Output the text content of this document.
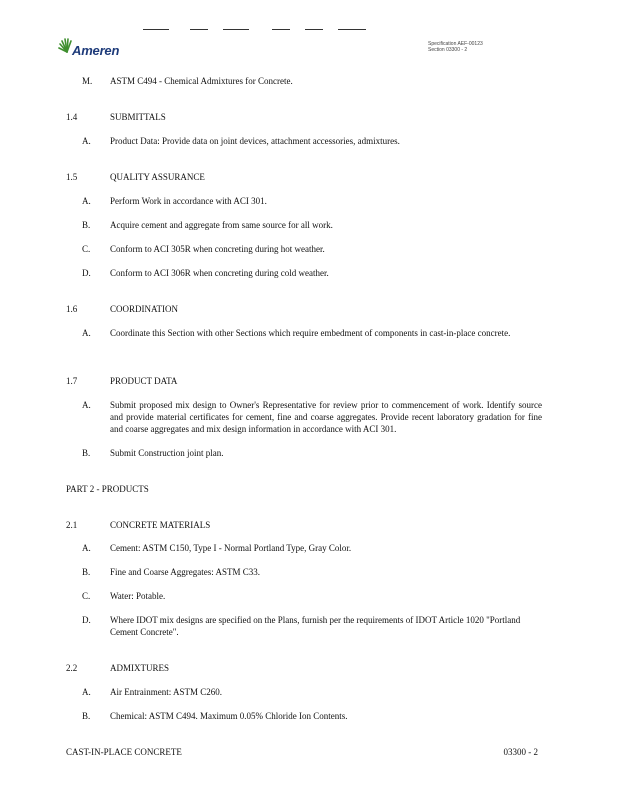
Ameren	Specification AEF-00123
Section 03300 - 2
M. ASTM C494 - Chemical Admixtures for Concrete.
1.4	SUBMITTALS
A. Product Data: Provide data on joint devices, attachment accessories, admixtures.
1.5	QUALITY ASSURANCE
A. Perform Work in accordance with ACI 301.
B. Acquire cement and aggregate from same source for all work.
C. Conform to ACI 305R when concreting during hot weather.
D. Conform to ACI 306R when concreting during cold weather.
1.6	COORDINATION
A. Coordinate this Section with other Sections which require embedment of components in cast-in-place concrete.
1.7	PRODUCT DATA
A. Submit proposed mix design to Owner's Representative for review prior to commencement of work. Identify source and provide material certificates for cement, fine and coarse aggregates. Provide recent laboratory gradation for fine and coarse aggregates and mix design information in accordance with ACI 301.
B. Submit Construction joint plan.
PART 2 - PRODUCTS
2.1	CONCRETE MATERIALS
A. Cement: ASTM C150, Type I - Normal Portland Type, Gray Color.
B. Fine and Coarse Aggregates: ASTM C33.
C. Water: Potable.
D. Where IDOT mix designs are specified on the Plans, furnish per the requirements of IDOT Article 1020 "Portland Cement Concrete".
2.2	ADMIXTURES
A. Air Entrainment: ASTM C260.
B. Chemical: ASTM C494. Maximum 0.05% Chloride Ion Contents.
CAST-IN-PLACE CONCRETE	03300 - 2
